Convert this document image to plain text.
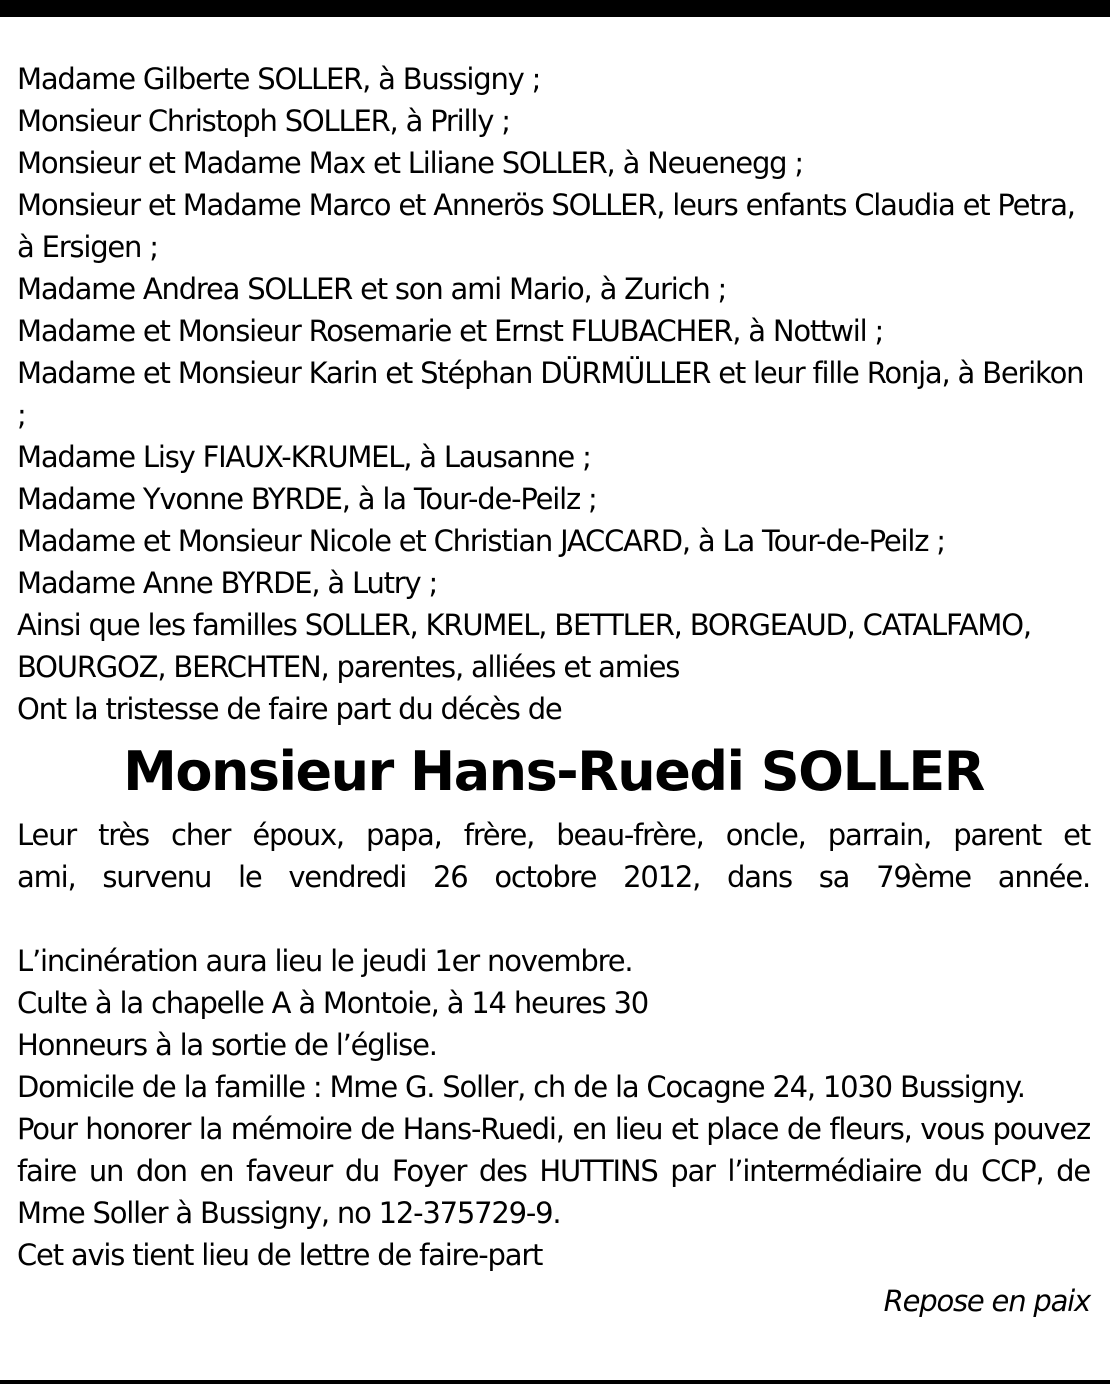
Madame Gilberte SOLLER, à Bussigny ;
Monsieur Christoph SOLLER, à Prilly ;
Monsieur et Madame Max et Liliane SOLLER, à Neuenegg ;
Monsieur et Madame Marco et Annerös SOLLER, leurs enfants Claudia et Petra, à Ersigen ;
Madame Andrea SOLLER et son ami Mario, à Zurich ;
Madame et Monsieur Rosemarie et Ernst FLUBACHER, à Nottwil ;
Madame et Monsieur Karin et Stéphan DÜRMÜLLER et leur fille Ronja, à Berikon ;
Madame Lisy FIAUX-KRUMEL, à Lausanne ;
Madame Yvonne BYRDE, à la Tour-de-Peilz ;
Madame et Monsieur Nicole et Christian JACCARD, à La Tour-de-Peilz ;
Madame Anne BYRDE, à Lutry ;
Ainsi que les familles SOLLER, KRUMEL, BETTLER, BORGEAUD, CATALFAMO, BOURGOZ, BERCHTEN, parentes, alliées et amies
Ont la tristesse de faire part du décès de
Monsieur Hans-Ruedi SOLLER
Leur très cher époux, papa, frère, beau-frère, oncle, parrain, parent et
ami, survenu le vendredi 26 octobre 2012, dans sa 79ème année.
L’incinération aura lieu le jeudi 1er novembre.
Culte à la chapelle A à Montoie, à 14 heures 30
Honneurs à la sortie de l’église.
Domicile de la famille : Mme G. Soller, ch de la Cocagne 24, 1030 Bussigny.
Pour honorer la mémoire de Hans-Ruedi, en lieu et place de fleurs, vous pouvez faire un don en faveur du Foyer des HUTTINS par l’intermédiaire du CCP, de Mme Soller à Bussigny, no 12-375729-9.
Cet avis tient lieu de lettre de faire-part
Repose en paix
